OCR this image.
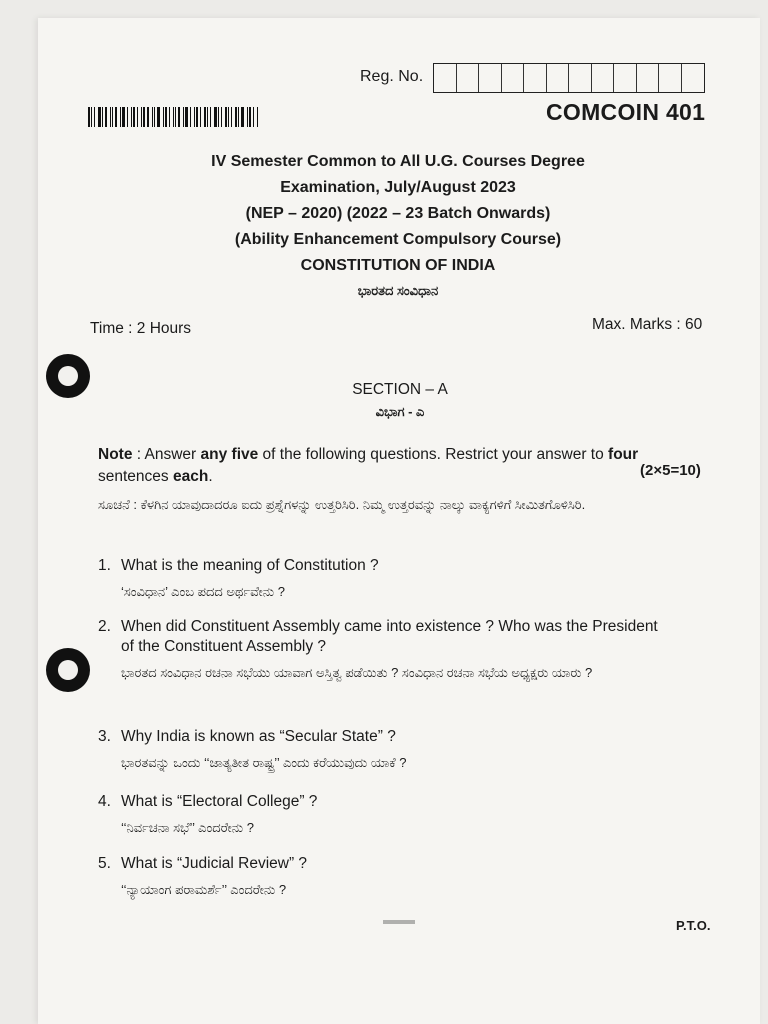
Reg. No.
COMCOIN 401
IV Semester Common to All U.G. Courses Degree
Examination, July/August 2023
(NEP – 2020) (2022 – 23 Batch Onwards)
(Ability Enhancement Compulsory Course)
CONSTITUTION OF INDIA
ಭಾರತದ ಸಂವಿಧಾನ
Time : 2 Hours	Max. Marks : 60
SECTION – A
ವಿಭಾಗ - ಎ
Note : Answer any five of the following questions. Restrict your answer to four sentences each.	(2×5=10)
ಸೂಚನೆ : ಕೆಳಗಿನ ಯಾವುದಾದರೂ ಐದು ಪ್ರಶ್ನೆಗಳನ್ನು ಉತ್ತರಿಸಿರಿ. ನಿಮ್ಮ ಉತ್ತರವನ್ನು ನಾಲ್ಕು ವಾಕ್ಯಗಳಿಗೆ ಸೀಮಿತಗೊಳಿಸಿರಿ.
1. What is the meaning of Constitution ?
‘ಸಂವಿಧಾನ’ ಎಂಬ ಪದದ ಅರ್ಥವೇನು ?
2. When did Constituent Assembly came into existence ? Who was the President
of the Constituent Assembly ?
ಭಾರತದ ಸಂವಿಧಾನ ರಚನಾ ಸಭೆಯು ಯಾವಾಗ ಅಸ್ತಿತ್ವ ಪಡೆಯಿತು ? ಸಂವಿಧಾನ ರಚನಾ ಸಭೆಯ ಅಧ್ಯಕ್ಷರು ಯಾರು ?
3. Why India is known as “Secular State” ?
ಭಾರತವನ್ನು ಒಂದು ‘‘ಜಾತ್ಯತೀತ ರಾಷ್ಟ್ರ’’ ಎಂದು ಕರೆಯುವುದು ಯಾಕೆ ?
4. What is “Electoral College” ?
‘‘ನಿರ್ವಚನಾ ಸಭೆ’’ ಎಂದರೇನು ?
5. What is “Judicial Review” ?
‘‘ನ್ಯಾಯಾಂಗ ಪರಾಮರ್ಶೆ’’ ಎಂದರೇನು ?
P.T.O.
